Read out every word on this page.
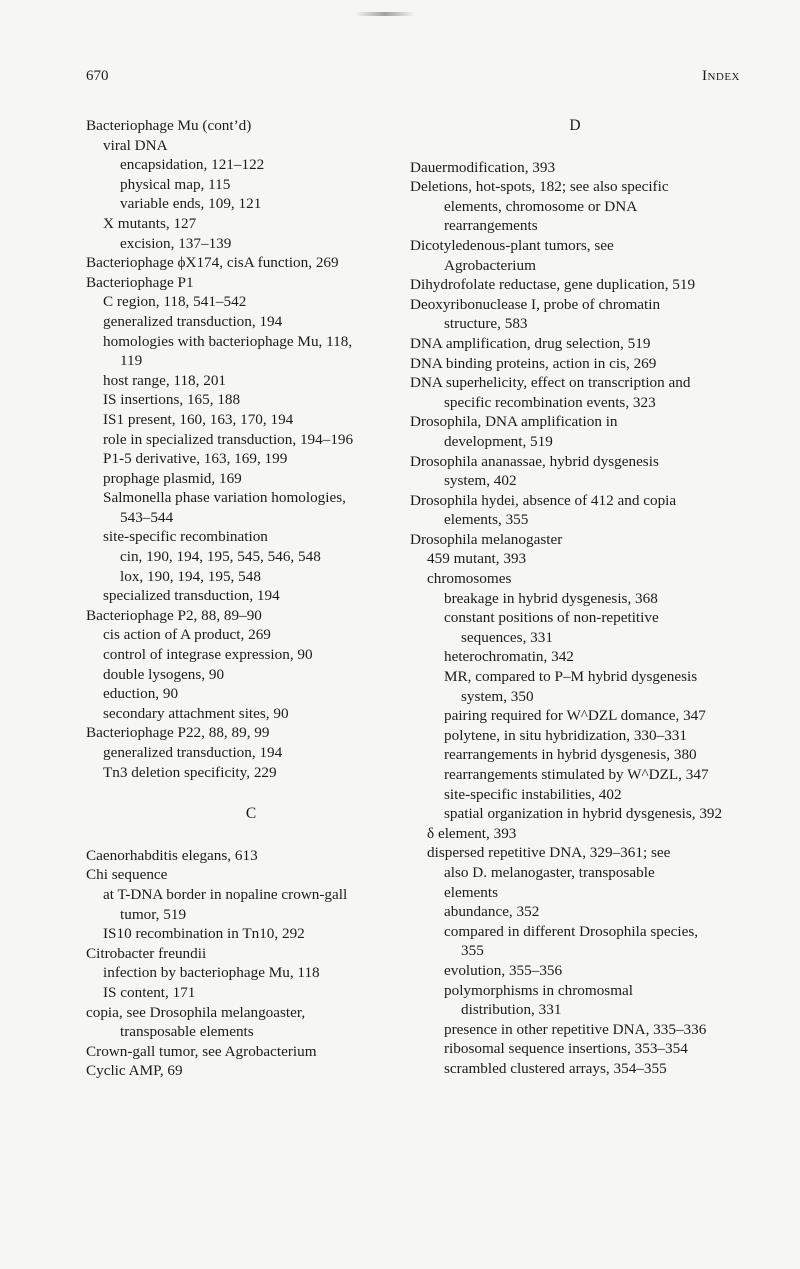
670	Index

Bacteriophage Mu (cont’d)

viral DNA

encapsidation, 121–122

physical map, 115

variable ends, 109, 121

X mutants, 127

excision, 137–139

Bacteriophage ϕX174, cisA function, 269

Bacteriophage P1

C region, 118, 541–542

generalized transduction, 194

homologies with bacteriophage Mu, 118,

119

host range, 118, 201

IS insertions, 165, 188

IS1 present, 160, 163, 170, 194

role in specialized transduction, 194–196

P1-5 derivative, 163, 169, 199

prophage plasmid, 169

Salmonella phase variation homologies,

543–544

site-specific recombination

cin, 190, 194, 195, 545, 546, 548

lox, 190, 194, 195, 548

specialized transduction, 194

Bacteriophage P2, 88, 89–90

cis action of A product, 269

control of integrase expression, 90

double lysogens, 90

eduction, 90

secondary attachment sites, 90

Bacteriophage P22, 88, 89, 99

generalized transduction, 194

Tn3 deletion specificity, 229

C

Caenorhabditis elegans, 613

Chi sequence

at T-DNA border in nopaline crown-gall

tumor, 519

IS10 recombination in Tn10, 292

Citrobacter freundii

infection by bacteriophage Mu, 118

IS content, 171

copia, see Drosophila melangoaster,

transposable elements

Crown-gall tumor, see Agrobacterium

Cyclic AMP, 69

D

Dauermodification, 393

Deletions, hot-spots, 182; see also specific

elements, chromosome or DNA

rearrangements

Dicotyledenous-plant tumors, see

Agrobacterium

Dihydrofolate reductase, gene duplication, 519

Deoxyribonuclease I, probe of chromatin

structure, 583

DNA amplification, drug selection, 519

DNA binding proteins, action in cis, 269

DNA superhelicity, effect on transcription and

specific recombination events, 323

Drosophila, DNA amplification in

development, 519

Drosophila ananassae, hybrid dysgenesis

system, 402

Drosophila hydei, absence of 412 and copia

elements, 355

Drosophila melanogaster

459 mutant, 393

chromosomes

breakage in hybrid dysgenesis, 368

constant positions of non-repetitive

sequences, 331

heterochromatin, 342

MR, compared to P–M hybrid dysgenesis

system, 350

pairing required for W^DZL domance, 347

polytene, in situ hybridization, 330–331

rearrangements in hybrid dysgenesis, 380

rearrangements stimulated by W^DZL, 347

site-specific instabilities, 402

spatial organization in hybrid dysgenesis, 392

δ element, 393

dispersed repetitive DNA, 329–361; see

also D. melanogaster, transposable

elements

abundance, 352

compared in different Drosophila species,

355

evolution, 355–356

polymorphisms in chromosmal

distribution, 331

presence in other repetitive DNA, 335–336

ribosomal sequence insertions, 353–354

scrambled clustered arrays, 354–355
